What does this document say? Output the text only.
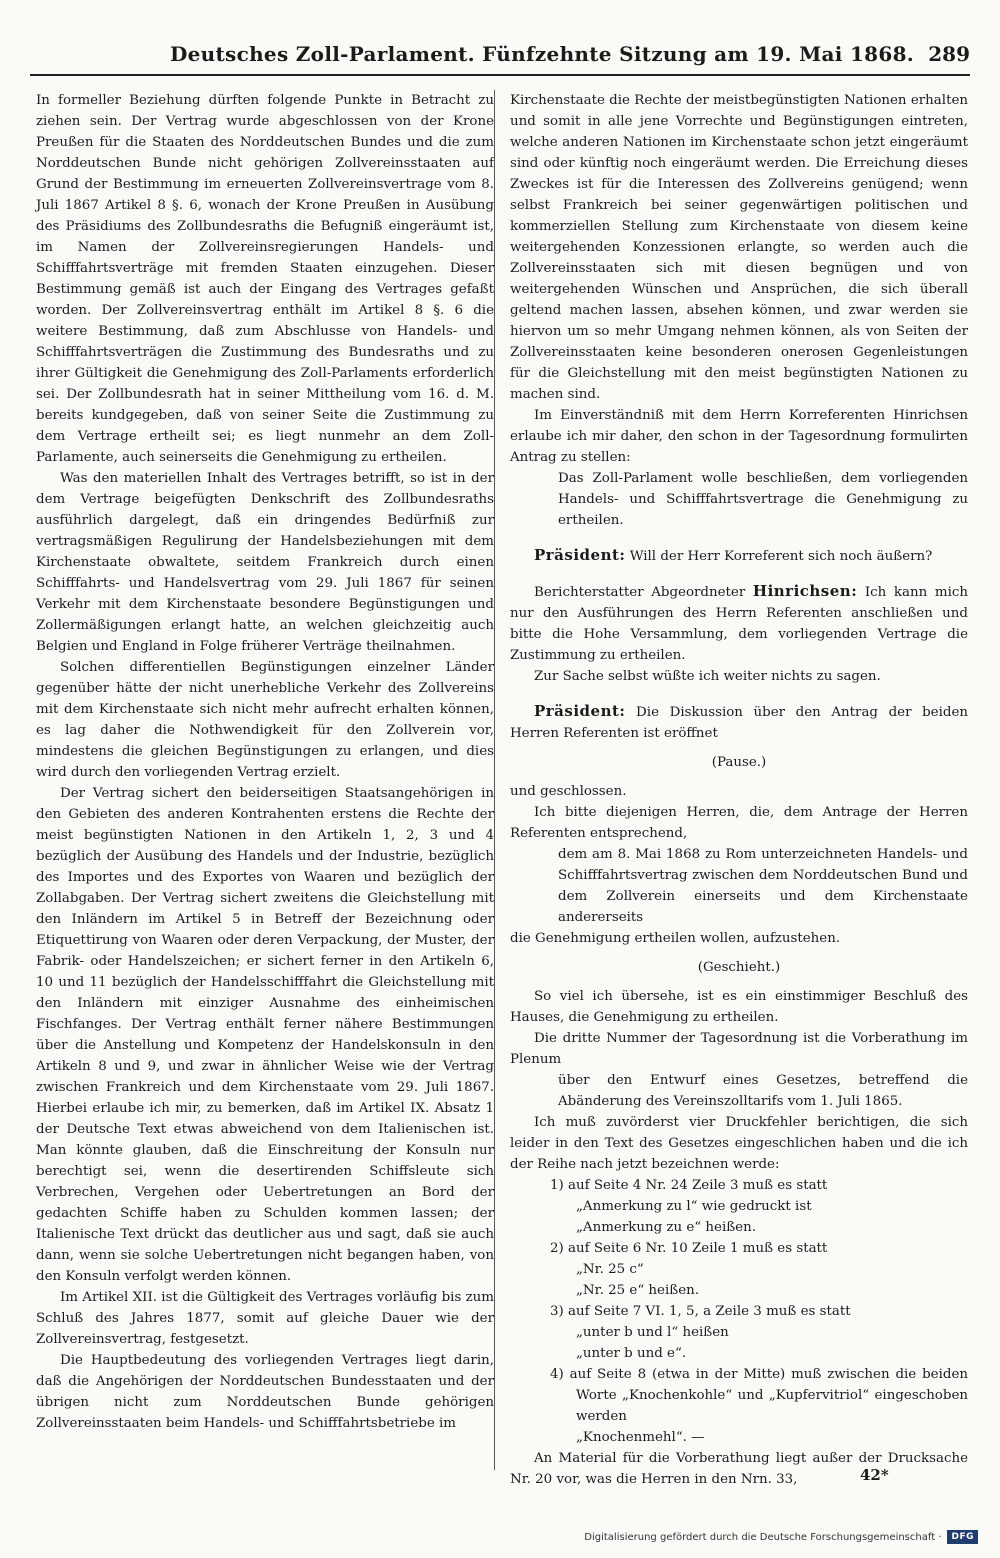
Deutsches Zoll-Parlament. Fünfzehnte Sitzung am 19. Mai 1868. 289

In formeller Beziehung dürften folgende Punkte in Betracht zu ziehen sein. Der Vertrag wurde abgeschlossen von der Krone Preußen für die Staaten des Norddeutschen Bundes und die zum Norddeutschen Bunde nicht gehörigen Zollvereinsstaaten auf Grund der Bestimmung im erneuerten Zollvereinsvertrage vom 8. Juli 1867 Artikel 8 §. 6, wonach der Krone Preußen in Ausübung des Präsidiums des Zollbundesraths die Befugniß eingeräumt ist, im Namen der Zollvereinsregierungen Handels- und Schifffahrtsverträge mit fremden Staaten einzugehen. Dieser Bestimmung gemäß ist auch der Eingang des Vertrages gefaßt worden. Der Zollvereinsvertrag enthält im Artikel 8 §. 6 die weitere Bestimmung, daß zum Abschlusse von Handels- und Schifffahrtsverträgen die Zustimmung des Bundesraths und zu ihrer Gültigkeit die Genehmigung des Zoll-Parlaments erforderlich sei. Der Zollbundesrath hat in seiner Mittheilung vom 16. d. M. bereits kundgegeben, daß von seiner Seite die Zustimmung zu dem Vertrage ertheilt sei; es liegt nunmehr an dem Zoll-Parlamente, auch seinerseits die Genehmigung zu ertheilen.

Was den materiellen Inhalt des Vertrages betrifft, so ist in der dem Vertrage beigefügten Denkschrift des Zollbundesraths ausführlich dargelegt, daß ein dringendes Bedürfniß zur vertragsmäßigen Regulirung der Handelsbeziehungen mit dem Kirchenstaate obwaltete, seitdem Frankreich durch einen Schifffahrts- und Handelsvertrag vom 29. Juli 1867 für seinen Verkehr mit dem Kirchenstaate besondere Begünstigungen und Zollermäßigungen erlangt hatte, an welchen gleichzeitig auch Belgien und England in Folge früherer Verträge theilnahmen.

Solchen differentiellen Begünstigungen einzelner Länder gegenüber hätte der nicht unerhebliche Verkehr des Zollvereins mit dem Kirchenstaate sich nicht mehr aufrecht erhalten können, es lag daher die Nothwendigkeit für den Zollverein vor, mindestens die gleichen Begünstigungen zu erlangen, und dies wird durch den vorliegenden Vertrag erzielt.

Der Vertrag sichert den beiderseitigen Staatsangehörigen in den Gebieten des anderen Kontrahenten erstens die Rechte der meist begünstigten Nationen in den Artikeln 1, 2, 3 und 4 bezüglich der Ausübung des Handels und der Industrie, bezüglich des Importes und des Exportes von Waaren und bezüglich der Zollabgaben. Der Vertrag sichert zweitens die Gleichstellung mit den Inländern im Artikel 5 in Betreff der Bezeichnung oder Etiquettirung von Waaren oder deren Verpackung, der Muster, der Fabrik- oder Handelszeichen; er sichert ferner in den Artikeln 6, 10 und 11 bezüglich der Handelsschifffahrt die Gleichstellung mit den Inländern mit einziger Ausnahme des einheimischen Fischfanges. Der Vertrag enthält ferner nähere Bestimmungen über die Anstellung und Kompetenz der Handelskonsuln in den Artikeln 8 und 9, und zwar in ähnlicher Weise wie der Vertrag zwischen Frankreich und dem Kirchenstaate vom 29. Juli 1867. Hierbei erlaube ich mir, zu bemerken, daß im Artikel IX. Absatz 1 der Deutsche Text etwas abweichend von dem Italienischen ist. Man könnte glauben, daß die Einschreitung der Konsuln nur berechtigt sei, wenn die desertirenden Schiffsleute sich Verbrechen, Vergehen oder Uebertretungen an Bord der gedachten Schiffe haben zu Schulden kommen lassen; der Italienische Text drückt das deutlicher aus und sagt, daß sie auch dann, wenn sie solche Uebertretungen nicht begangen haben, von den Konsuln verfolgt werden können.

Im Artikel XII. ist die Gültigkeit des Vertrages vorläufig bis zum Schluß des Jahres 1877, somit auf gleiche Dauer wie der Zollvereinsvertrag, festgesetzt.

Die Hauptbedeutung des vorliegenden Vertrages liegt darin, daß die Angehörigen der Norddeutschen Bundesstaaten und der übrigen nicht zum Norddeutschen Bunde gehörigen Zollvereinsstaaten beim Handels- und Schifffahrtsbetriebe im

Kirchenstaate die Rechte der meistbegünstigten Nationen erhalten und somit in alle jene Vorrechte und Begünstigungen eintreten, welche anderen Nationen im Kirchenstaate schon jetzt eingeräumt sind oder künftig noch eingeräumt werden. Die Erreichung dieses Zweckes ist für die Interessen des Zollvereins genügend; wenn selbst Frankreich bei seiner gegenwärtigen politischen und kommerziellen Stellung zum Kirchenstaate von diesem keine weitergehenden Konzessionen erlangte, so werden auch die Zollvereinsstaaten sich mit diesen begnügen und von weitergehenden Wünschen und Ansprüchen, die sich überall geltend machen lassen, absehen können, und zwar werden sie hiervon um so mehr Umgang nehmen können, als von Seiten der Zollvereinsstaaten keine besonderen onerosen Gegenleistungen für die Gleichstellung mit den meist begünstigten Nationen zu machen sind.

Im Einverständniß mit dem Herrn Korreferenten Hinrichsen erlaube ich mir daher, den schon in der Tagesordnung formulirten Antrag zu stellen:

Das Zoll-Parlament wolle beschließen, dem vorliegenden Handels- und Schifffahrtsvertrage die Genehmigung zu ertheilen.

Präsident: Will der Herr Korreferent sich noch äußern?

Berichterstatter Abgeordneter Hinrichsen: Ich kann mich nur den Ausführungen des Herrn Referenten anschließen und bitte die Hohe Versammlung, dem vorliegenden Vertrage die Zustimmung zu ertheilen.

Zur Sache selbst wüßte ich weiter nichts zu sagen.

Präsident: Die Diskussion über den Antrag der beiden Herren Referenten ist eröffnet

(Pause.)

und geschlossen.

Ich bitte diejenigen Herren, die, dem Antrage der Herren Referenten entsprechend,

dem am 8. Mai 1868 zu Rom unterzeichneten Handels- und Schifffahrtsvertrag zwischen dem Norddeutschen Bund und dem Zollverein einerseits und dem Kirchenstaate andererseits

die Genehmigung ertheilen wollen, aufzustehen.

(Geschieht.)

So viel ich übersehe, ist es ein einstimmiger Beschluß des Hauses, die Genehmigung zu ertheilen.

Die dritte Nummer der Tagesordnung ist die Vorberathung im Plenum

über den Entwurf eines Gesetzes, betreffend die Abänderung des Vereinszolltarifs vom 1. Juli 1865.

Ich muß zuvörderst vier Druckfehler berichtigen, die sich leider in den Text des Gesetzes eingeschlichen haben und die ich der Reihe nach jetzt bezeichnen werde:

1) auf Seite 4 Nr. 24 Zeile 3 muß es statt
„Anmerkung zu l“ wie gedruckt ist
„Anmerkung zu e“ heißen.
2) auf Seite 6 Nr. 10 Zeile 1 muß es statt
„Nr. 25 c“
„Nr. 25 e“ heißen.
3) auf Seite 7 VI. 1, 5, a Zeile 3 muß es statt
„unter b und l“ heißen
„unter b und e“.
4) auf Seite 8 (etwa in der Mitte) muß zwischen die beiden Worte „Knochenkohle“ und „Kupfervitriol“ eingeschoben werden
„Knochenmehl“. —

An Material für die Vorberathung liegt außer der Drucksache Nr. 20 vor, was die Herren in den Nrn. 33,	42*
Digitalisierung gefördert durch die Deutsche Forschungsgemeinschaft ·	DFG
